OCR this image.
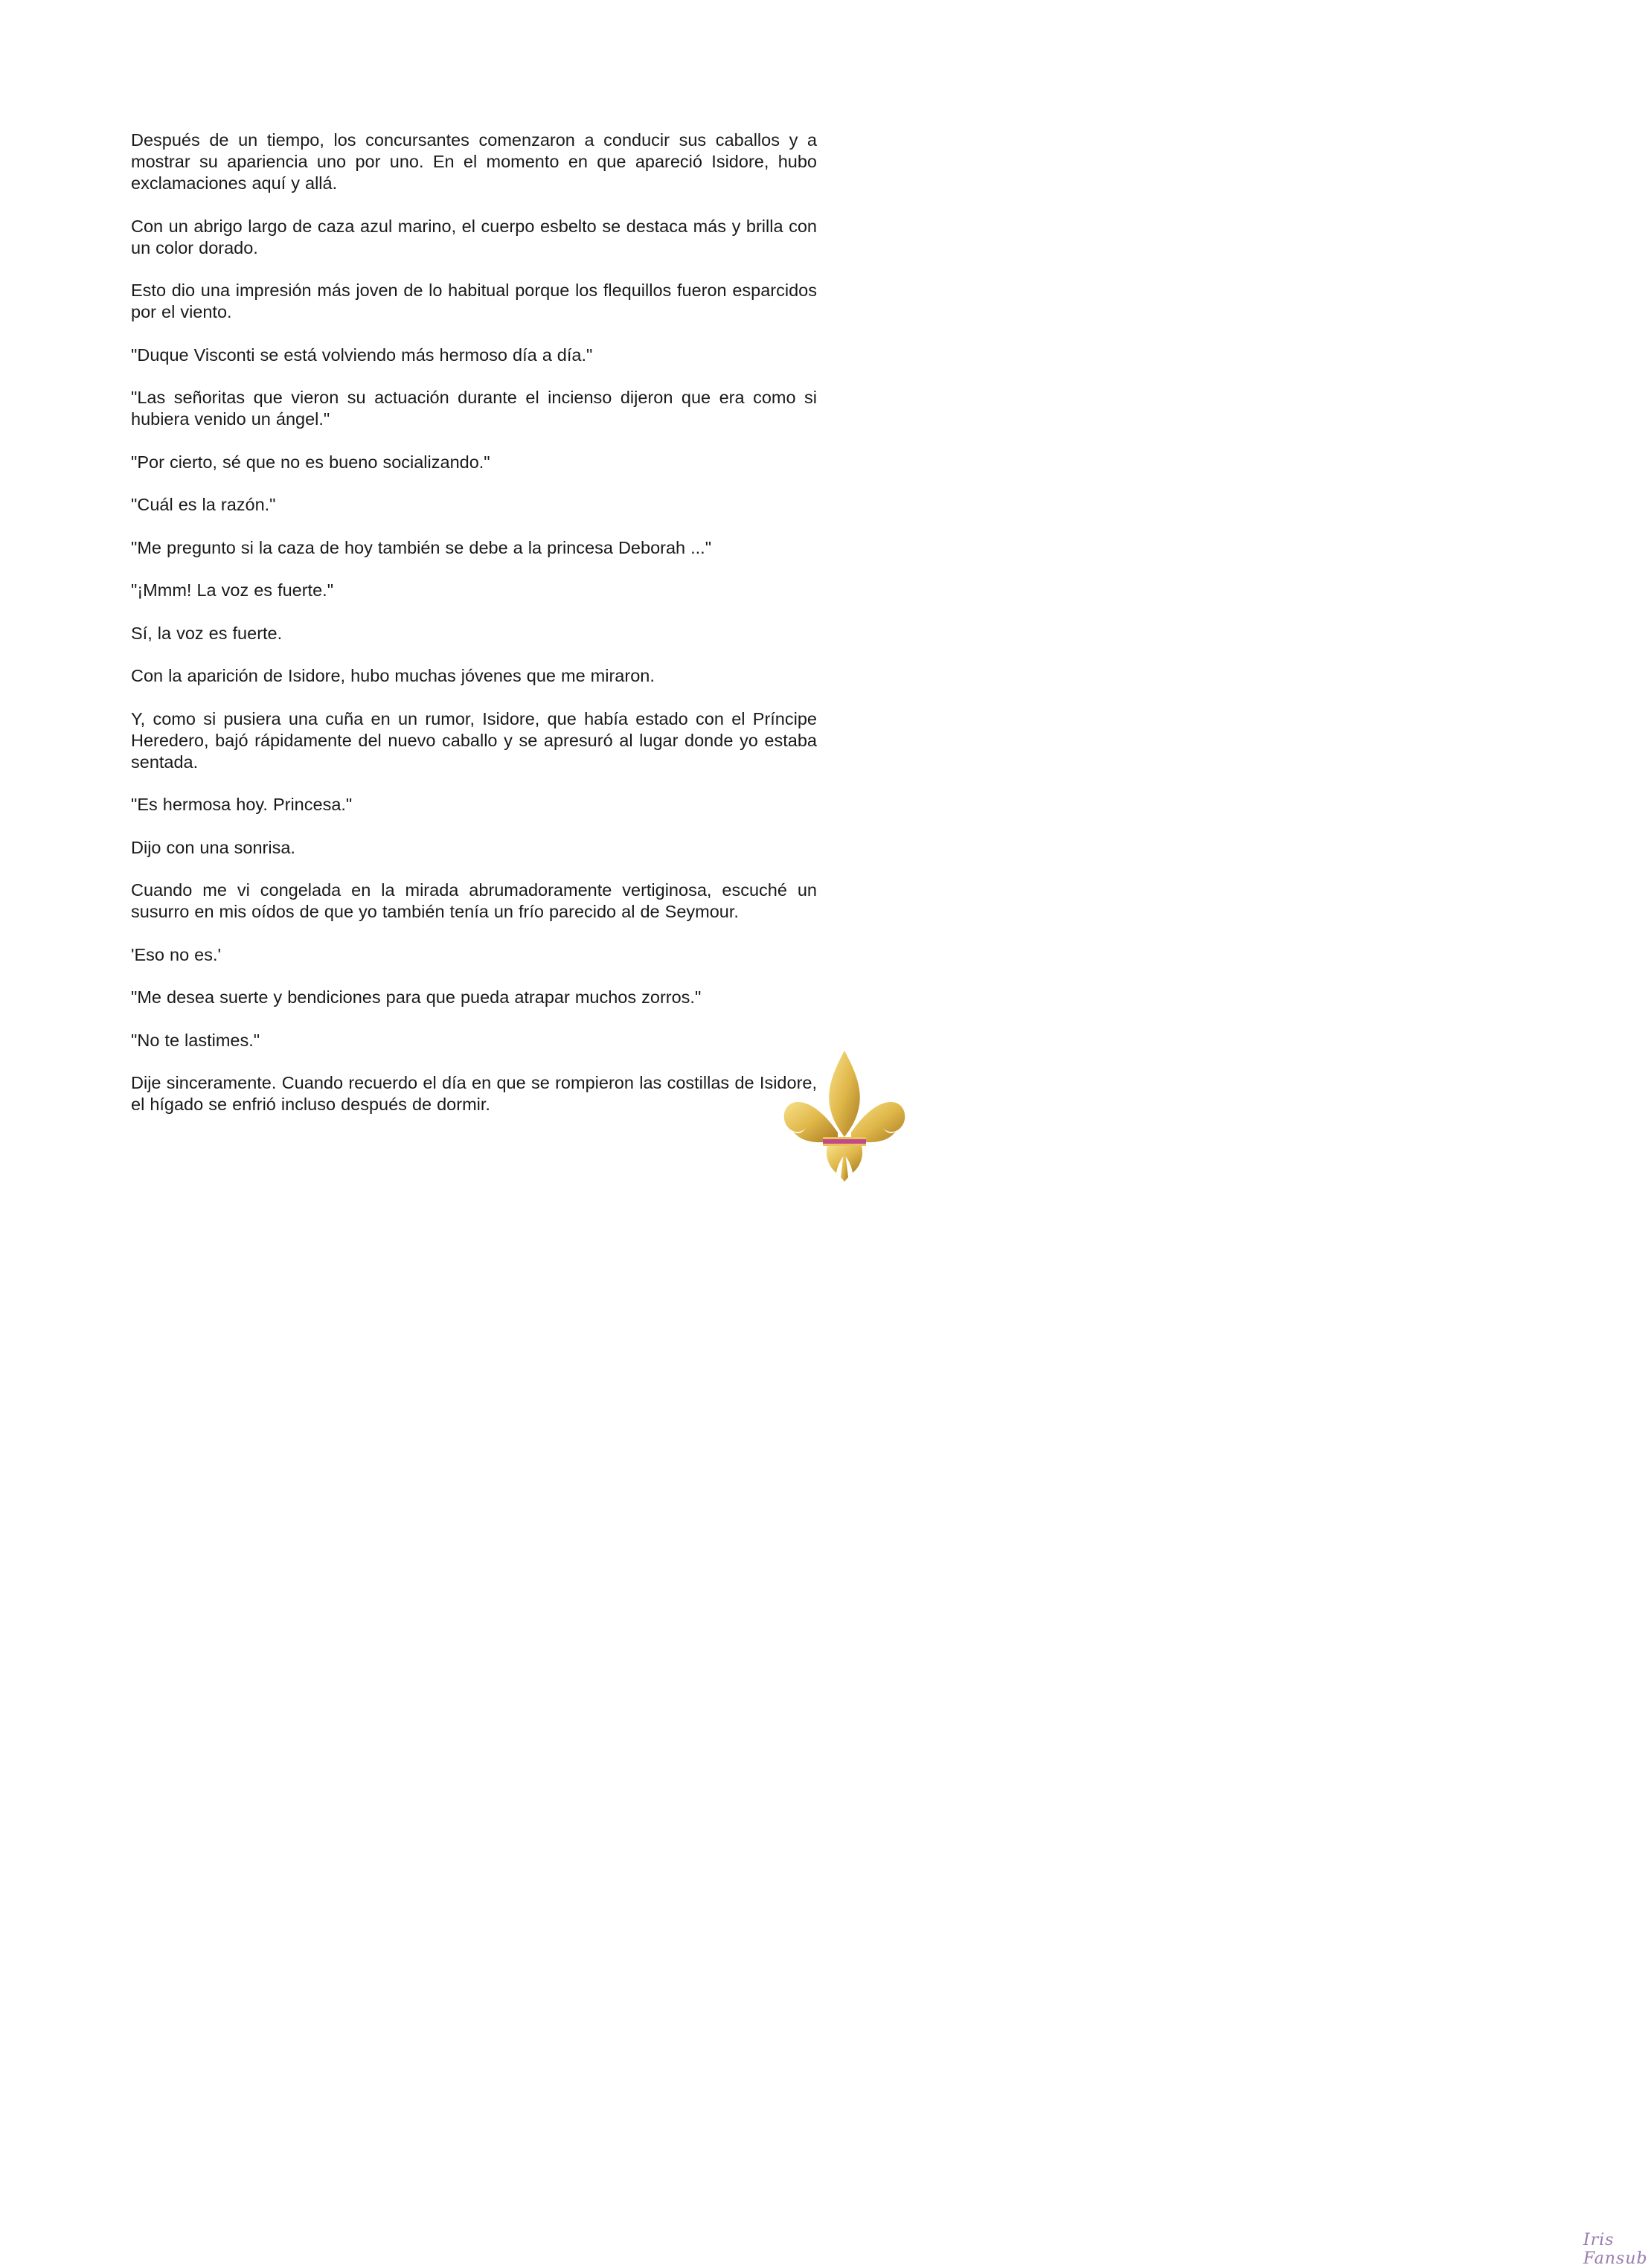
Después de un tiempo, los concursantes comenzaron a conducir sus caballos y a mostrar su apariencia uno por uno. En el momento en que apareció Isidore, hubo exclamaciones aquí y allá.

Con un abrigo largo de caza azul marino, el cuerpo esbelto se destaca más y brilla con un color dorado.

Esto dio una impresión más joven de lo habitual porque los flequillos fueron esparcidos por el viento.

"Duque Visconti se está volviendo más hermoso día a día."

"Las señoritas que vieron su actuación durante el incienso dijeron que era como si hubiera venido un ángel."

"Por cierto, sé que no es bueno socializando."

"Cuál es la razón."

"Me pregunto si la caza de hoy también se debe a la princesa Deborah ..."

"¡Mmm! La voz es fuerte."

Sí, la voz es fuerte.

Con la aparición de Isidore, hubo muchas jóvenes que me miraron.

Y, como si pusiera una cuña en un rumor, Isidore, que había estado con el Príncipe Heredero, bajó rápidamente del nuevo caballo y se apresuró al lugar donde yo estaba sentada.

"Es hermosa hoy. Princesa."

Dijo con una sonrisa.

Cuando me vi congelada en la mirada abrumadoramente vertiginosa, escuché un susurro en mis oídos de que yo también tenía un frío parecido al de Seymour.

'Eso no es.'

"Me desea suerte y bendiciones para que pueda atrapar muchos zorros."

"No te lastimes."

Dije sinceramente. Cuando recuerdo el día en que se rompieron las costillas de Isidore, el hígado se enfrió incluso después de dormir.

Iris Fansub
